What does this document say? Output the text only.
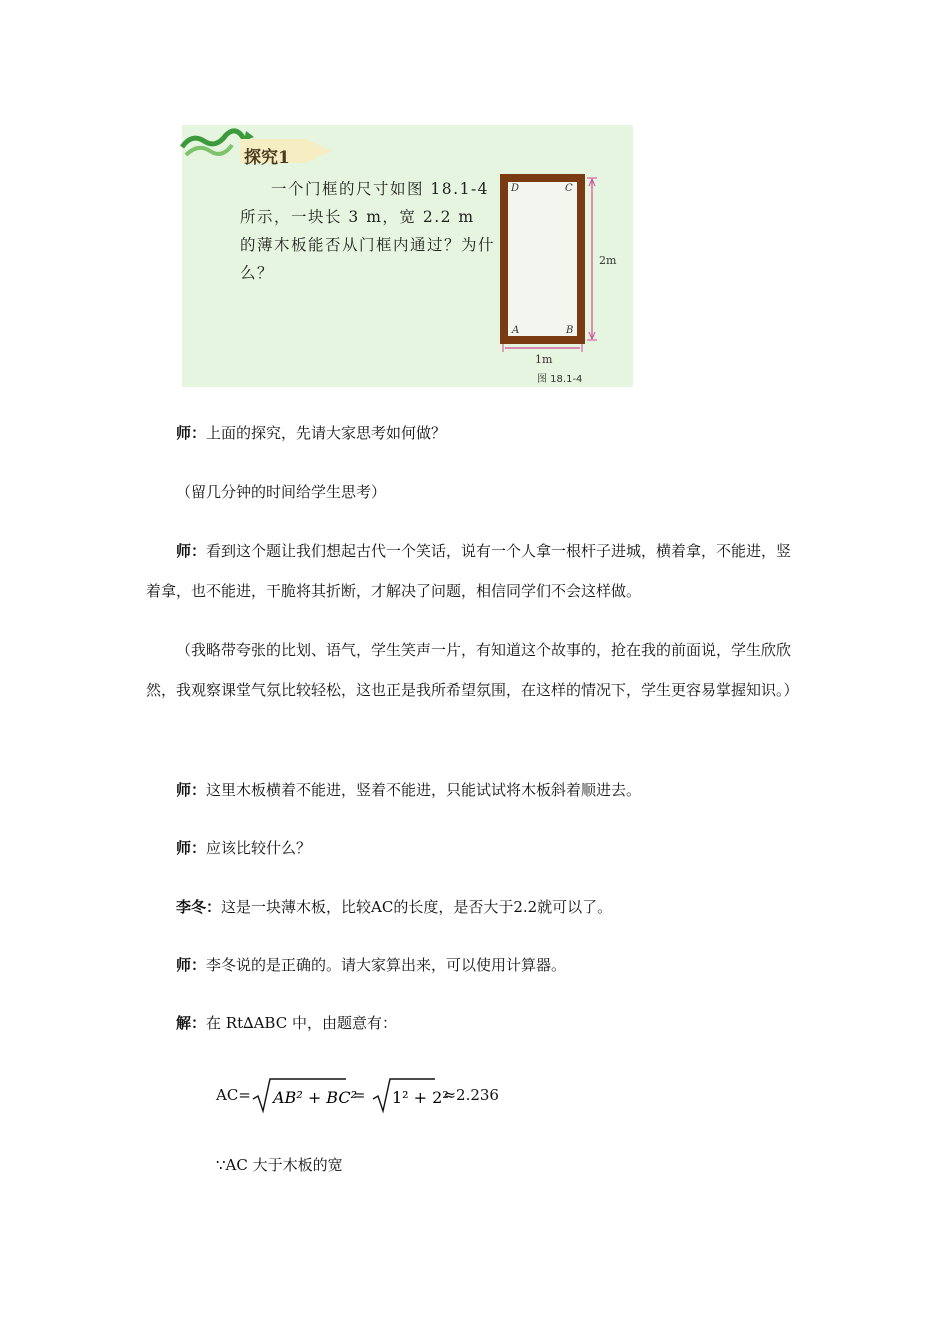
探究1
一个门框的尺寸如图 18.1-4 所示，一块长 3 m，宽 2.2 m 的薄木板能否从门框内通过？为什么？
D	C
A	B
2m
1m
图 18.1-4
师：上面的探究，先请大家思考如何做？
（留几分钟的时间给学生思考）
师：看到这个题让我们想起古代一个笑话，说有一个人拿一根杆子进城，横着拿，不能进，竖着拿，也不能进，干脆将其折断，才解决了问题，相信同学们不会这样做。
（我略带夸张的比划、语气，学生笑声一片，有知道这个故事的，抢在我的前面说，学生欣欣然，我观察课堂气氛比较轻松，这也正是我所希望氛围，在这样的情况下，学生更容易掌握知识。）
师：这里木板横着不能进，竖着不能进，只能试试将木板斜着顺进去。
师：应该比较什么？
李冬：这是一块薄木板，比较AC的长度，是否大于2.2就可以了。
师：李冬说的是正确的。请大家算出来，可以使用计算器。
解：在 Rt∆ABC 中，由题意有：
AC= AB² + BC²
= 1² + 2²
≈2.236
∵AC 大于木板的宽
